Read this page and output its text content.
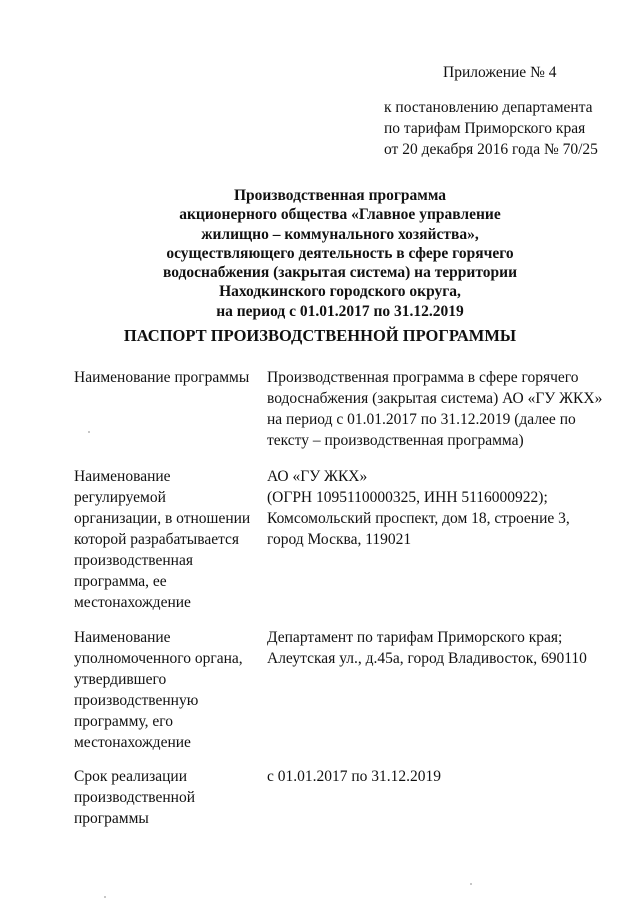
Приложение № 4
к постановлению департамента
по тарифам Приморского края
от 20 декабря 2016 года № 70/25
Производственная программа
акционерного общества «Главное управление
жилищно – коммунального хозяйства»,
осуществляющего деятельность в сфере горячего
водоснабжения (закрытая система) на территории
Находкинского городского округа,
на период с 01.01.2017 по 31.12.2019
ПАСПОРТ ПРОИЗВОДСТВЕННОЙ ПРОГРАММЫ
Наименование программы	Производственная программа в сфере горячего
водоснабжения (закрытая система) АО «ГУ ЖКХ»
на период с 01.01.2017 по 31.12.2019 (далее по
тексту – производственная программа)
Наименование
регулируемой
организации, в отношении
которой разрабатывается
производственная
программа, ее
местонахождение
АО «ГУ ЖКХ»
(ОГРН 1095110000325, ИНН 5116000922);
Комсомольский проспект, дом 18, строение 3,
город Москва, 119021
Наименование
уполномоченного органа,
утвердившего
производственную
программу, его
местонахождение
Департамент по тарифам Приморского края;
Алеутская ул., д.45а, город Владивосток, 690110
Срок реализации
производственной
программы
с 01.01.2017 по 31.12.2019
